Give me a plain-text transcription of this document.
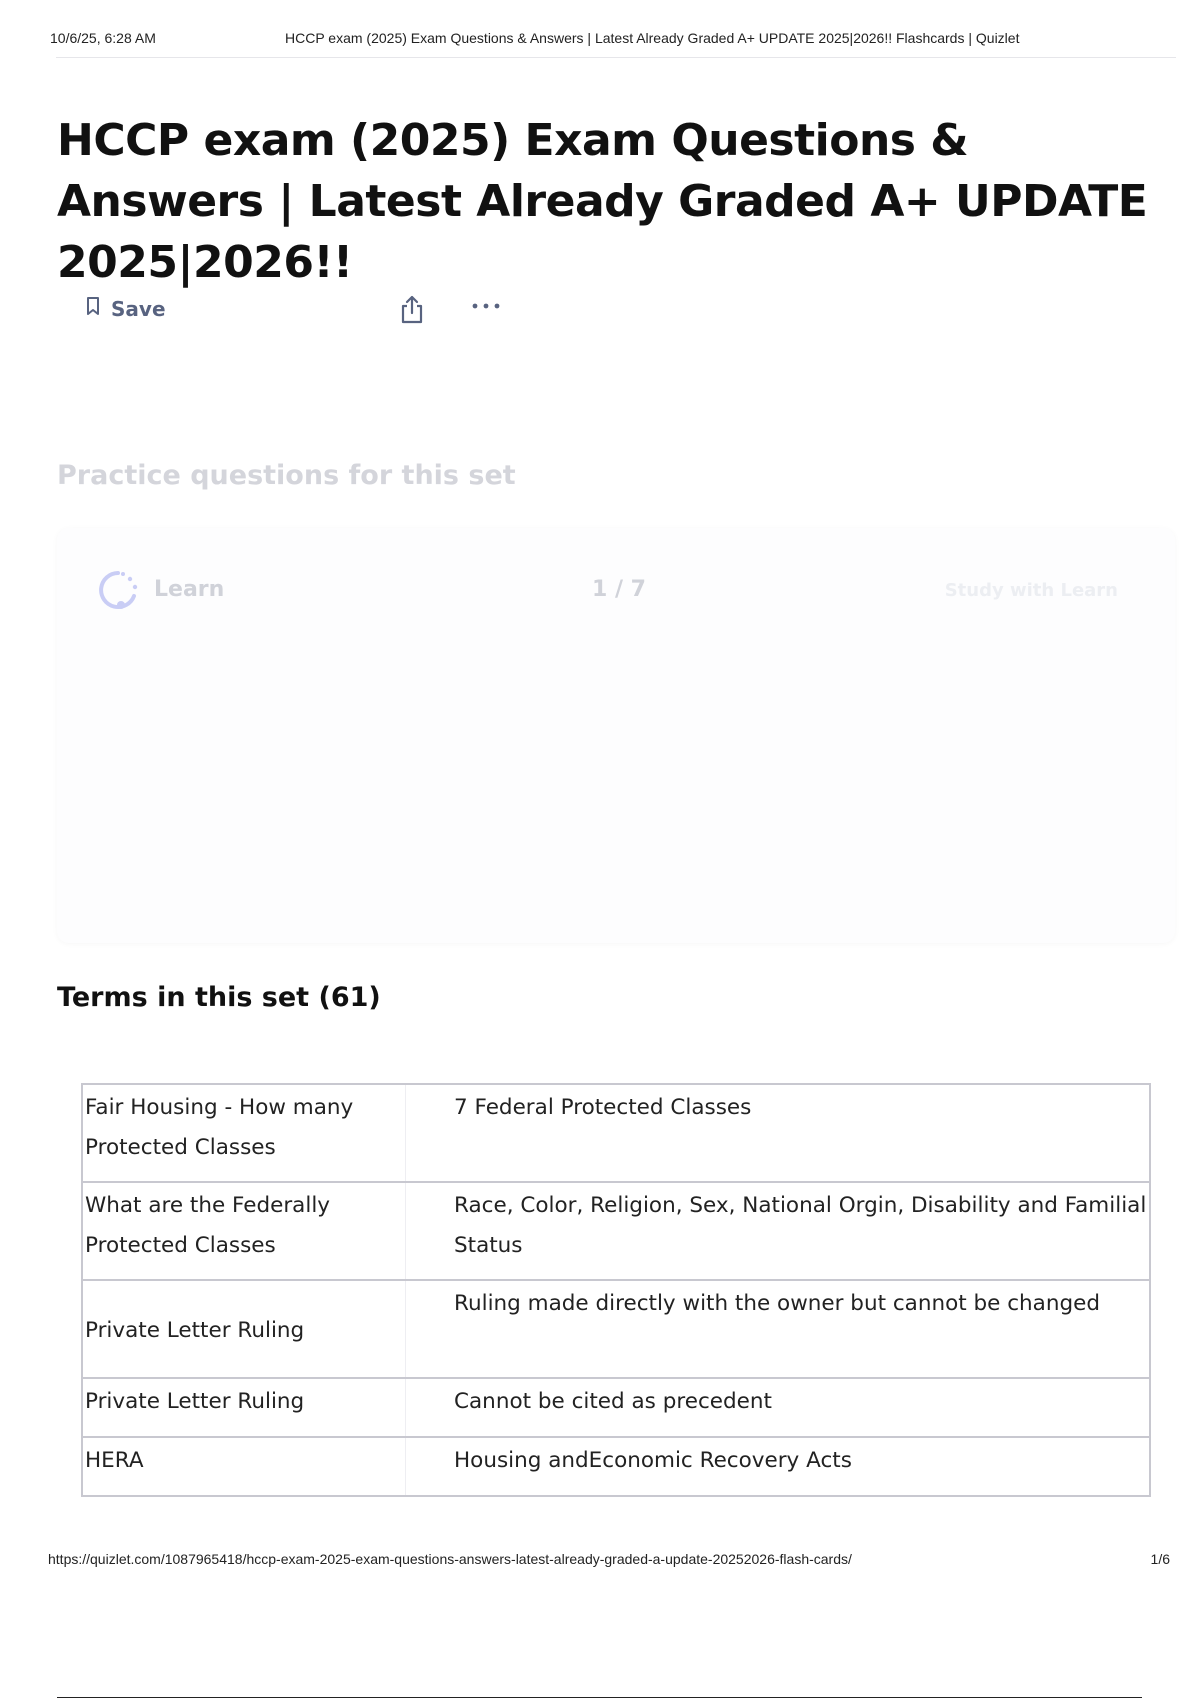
10/6/25, 6:28 AM	HCCP exam (2025) Exam Questions & Answers | Latest Already Graded A+ UPDATE 2025|2026!! Flashcards | Quizlet
HCCP exam (2025) Exam Questions & Answers | Latest Already Graded A+ UPDATE 2025|2026!!
Save
Practice questions for this set
Learn	1 / 7	Study with Learn
Terms in this set (61)
Fair Housing - How many Protected Classes	7 Federal Protected Classes
What are the Federally Protected Classes	Race, Color, Religion, Sex, National Orgin, Disability and Familial Status
Private Letter Ruling	Ruling made directly with the owner but cannot be changed
Private Letter Ruling	Cannot be cited as precedent
HERA	Housing andEconomic Recovery Acts
https://quizlet.com/1087965418/hccp-exam-2025-exam-questions-answers-latest-already-graded-a-update-20252026-flash-cards/	1/6
